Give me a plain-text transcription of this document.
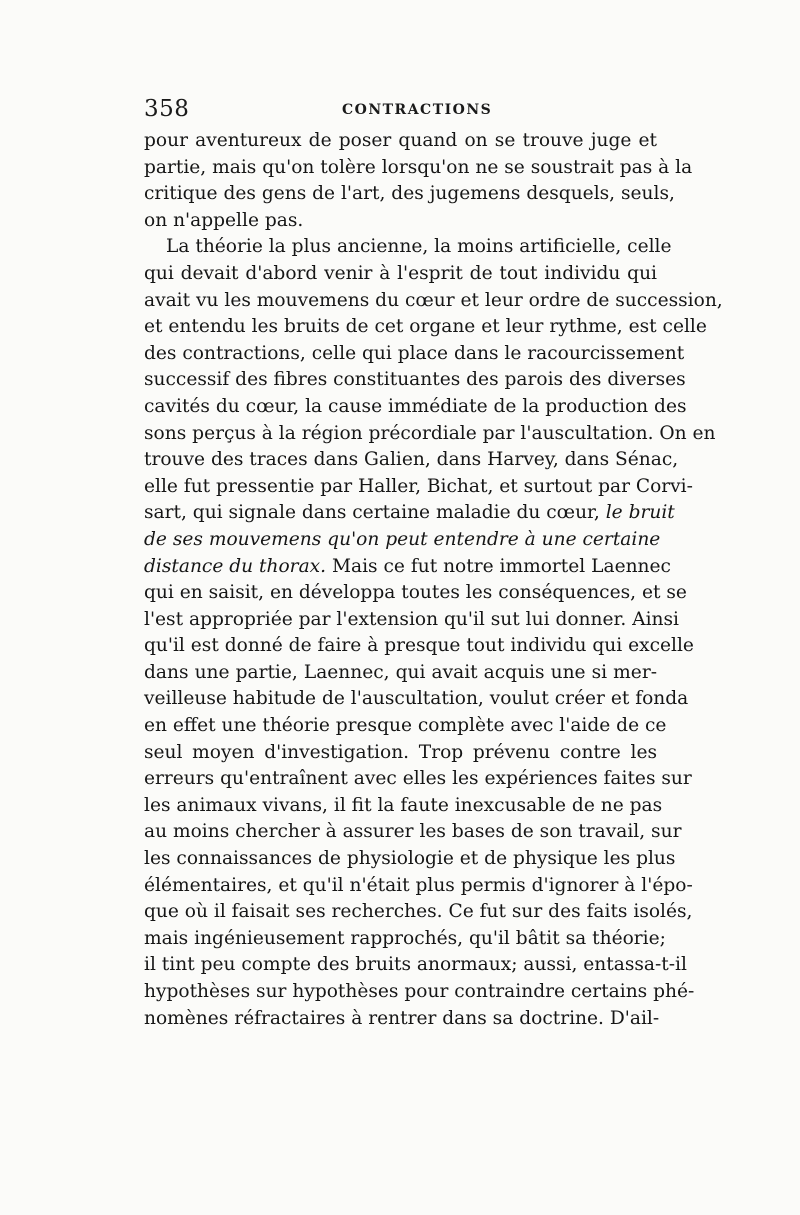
358	CONTRACTIONS
pour aventureux de poser quand on se trouve juge et
partie, mais qu'on tolère lorsqu'on ne se soustrait pas à la
critique des gens de l'art, des jugemens desquels, seuls,
on n'appelle pas.
La théorie la plus ancienne, la moins artificielle, celle
qui devait d'abord venir à l'esprit de tout individu qui
avait vu les mouvemens du cœur et leur ordre de succession,
et entendu les bruits de cet organe et leur rythme, est celle
des contractions, celle qui place dans le racourcissement
successif des fibres constituantes des parois des diverses
cavités du cœur, la cause immédiate de la production des
sons perçus à la région précordiale par l'auscultation. On en
trouve des traces dans Galien, dans Harvey, dans Sénac,
elle fut pressentie par Haller, Bichat, et surtout par Corvi-
sart, qui signale dans certaine maladie du cœur, le bruit
de ses mouvemens qu'on peut entendre à une certaine
distance du thorax. Mais ce fut notre immortel Laennec
qui en saisit, en développa toutes les conséquences, et se
l'est appropriée par l'extension qu'il sut lui donner. Ainsi
qu'il est donné de faire à presque tout individu qui excelle
dans une partie, Laennec, qui avait acquis une si mer-
veilleuse habitude de l'auscultation, voulut créer et fonda
en effet une théorie presque complète avec l'aide de ce
seul moyen d'investigation. Trop prévenu contre les
erreurs qu'entraînent avec elles les expériences faites sur
les animaux vivans, il fit la faute inexcusable de ne pas
au moins chercher à assurer les bases de son travail, sur
les connaissances de physiologie et de physique les plus
élémentaires, et qu'il n'était plus permis d'ignorer à l'épo-
que où il faisait ses recherches. Ce fut sur des faits isolés,
mais ingénieusement rapprochés, qu'il bâtit sa théorie;
il tint peu compte des bruits anormaux; aussi, entassa-t-il
hypothèses sur hypothèses pour contraindre certains phé-
nomènes réfractaires à rentrer dans sa doctrine. D'ail-
